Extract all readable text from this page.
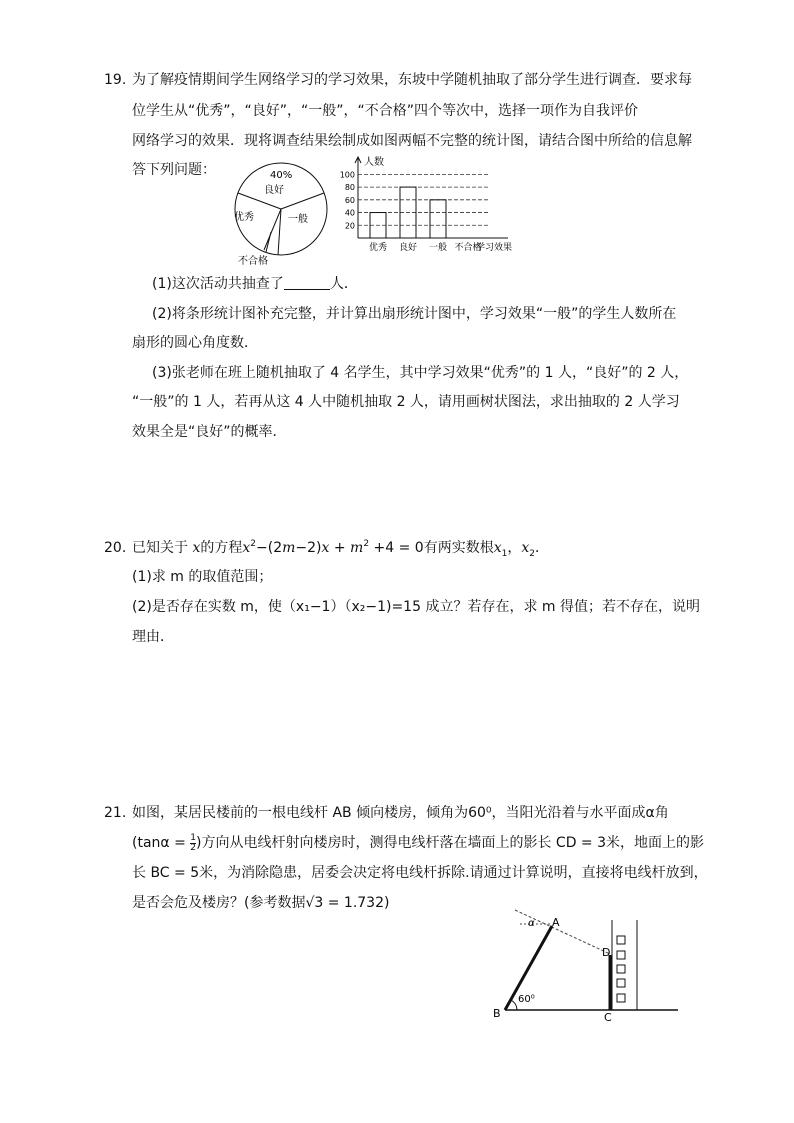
19. 为了解疫情期间学生网络学习的学习效果，东坡中学随机抽取了部分学生进行调查．要求每
位学生从“优秀”，“良好”，“一般”，“不合格”四个等次中，选择一项作为自我评价
网络学习的效果．现将调查结果绘制成如图两幅不完整的统计图，请结合图中所给的信息解
答下列问题：	40%
良好
一般
优秀
不合格
20
40
60
80
100
人数
优秀 良好 一般 不合格
学习效果
(1)这次活动共抽查了	人．
(2)将条形统计图补充完整，并计算出扇形统计图中，学习效果“一般”的学生人数所在
扇形的圆心角度数．
(3)张老师在班上随机抽取了 4 名学生，其中学习效果“优秀”的 1 人，“良好”的 2 人，
“一般”的 1 人，若再从这 4 人中随机抽取 2 人，请用画树状图法，求出抽取的 2 人学习
效果全是“良好”的概率．
20. 已知关于 x的方程$x^2-(2m-2)x + m^2 +4 = 0$有两实数根$x_1$，$x_2$．
(1)求 m 的取值范围；
(2)是否存在实数 m，使（x₁−1）（x₂−1)=15 成立？若存在，求 m 得值；若不存在，说明
理由．
21. 如图，某居民楼前的一根电线杆 AB 倾向楼房，倾角为60⁰，当阳光沿着与水平面成α角
($\tan\alpha = \frac{1}{2}$ )方向从电线杆射向楼房时，测得电线杆落在墙面上的影长 CD = 3米，地面上的影
长 BC = 5米，为消除隐患，居委会决定将电线杆拆除.请通过计算说明，直接将电线杆放到，
是否会危及楼房？(参考数据√3 = 1.732)
A
B	C
D
α
60⁰
